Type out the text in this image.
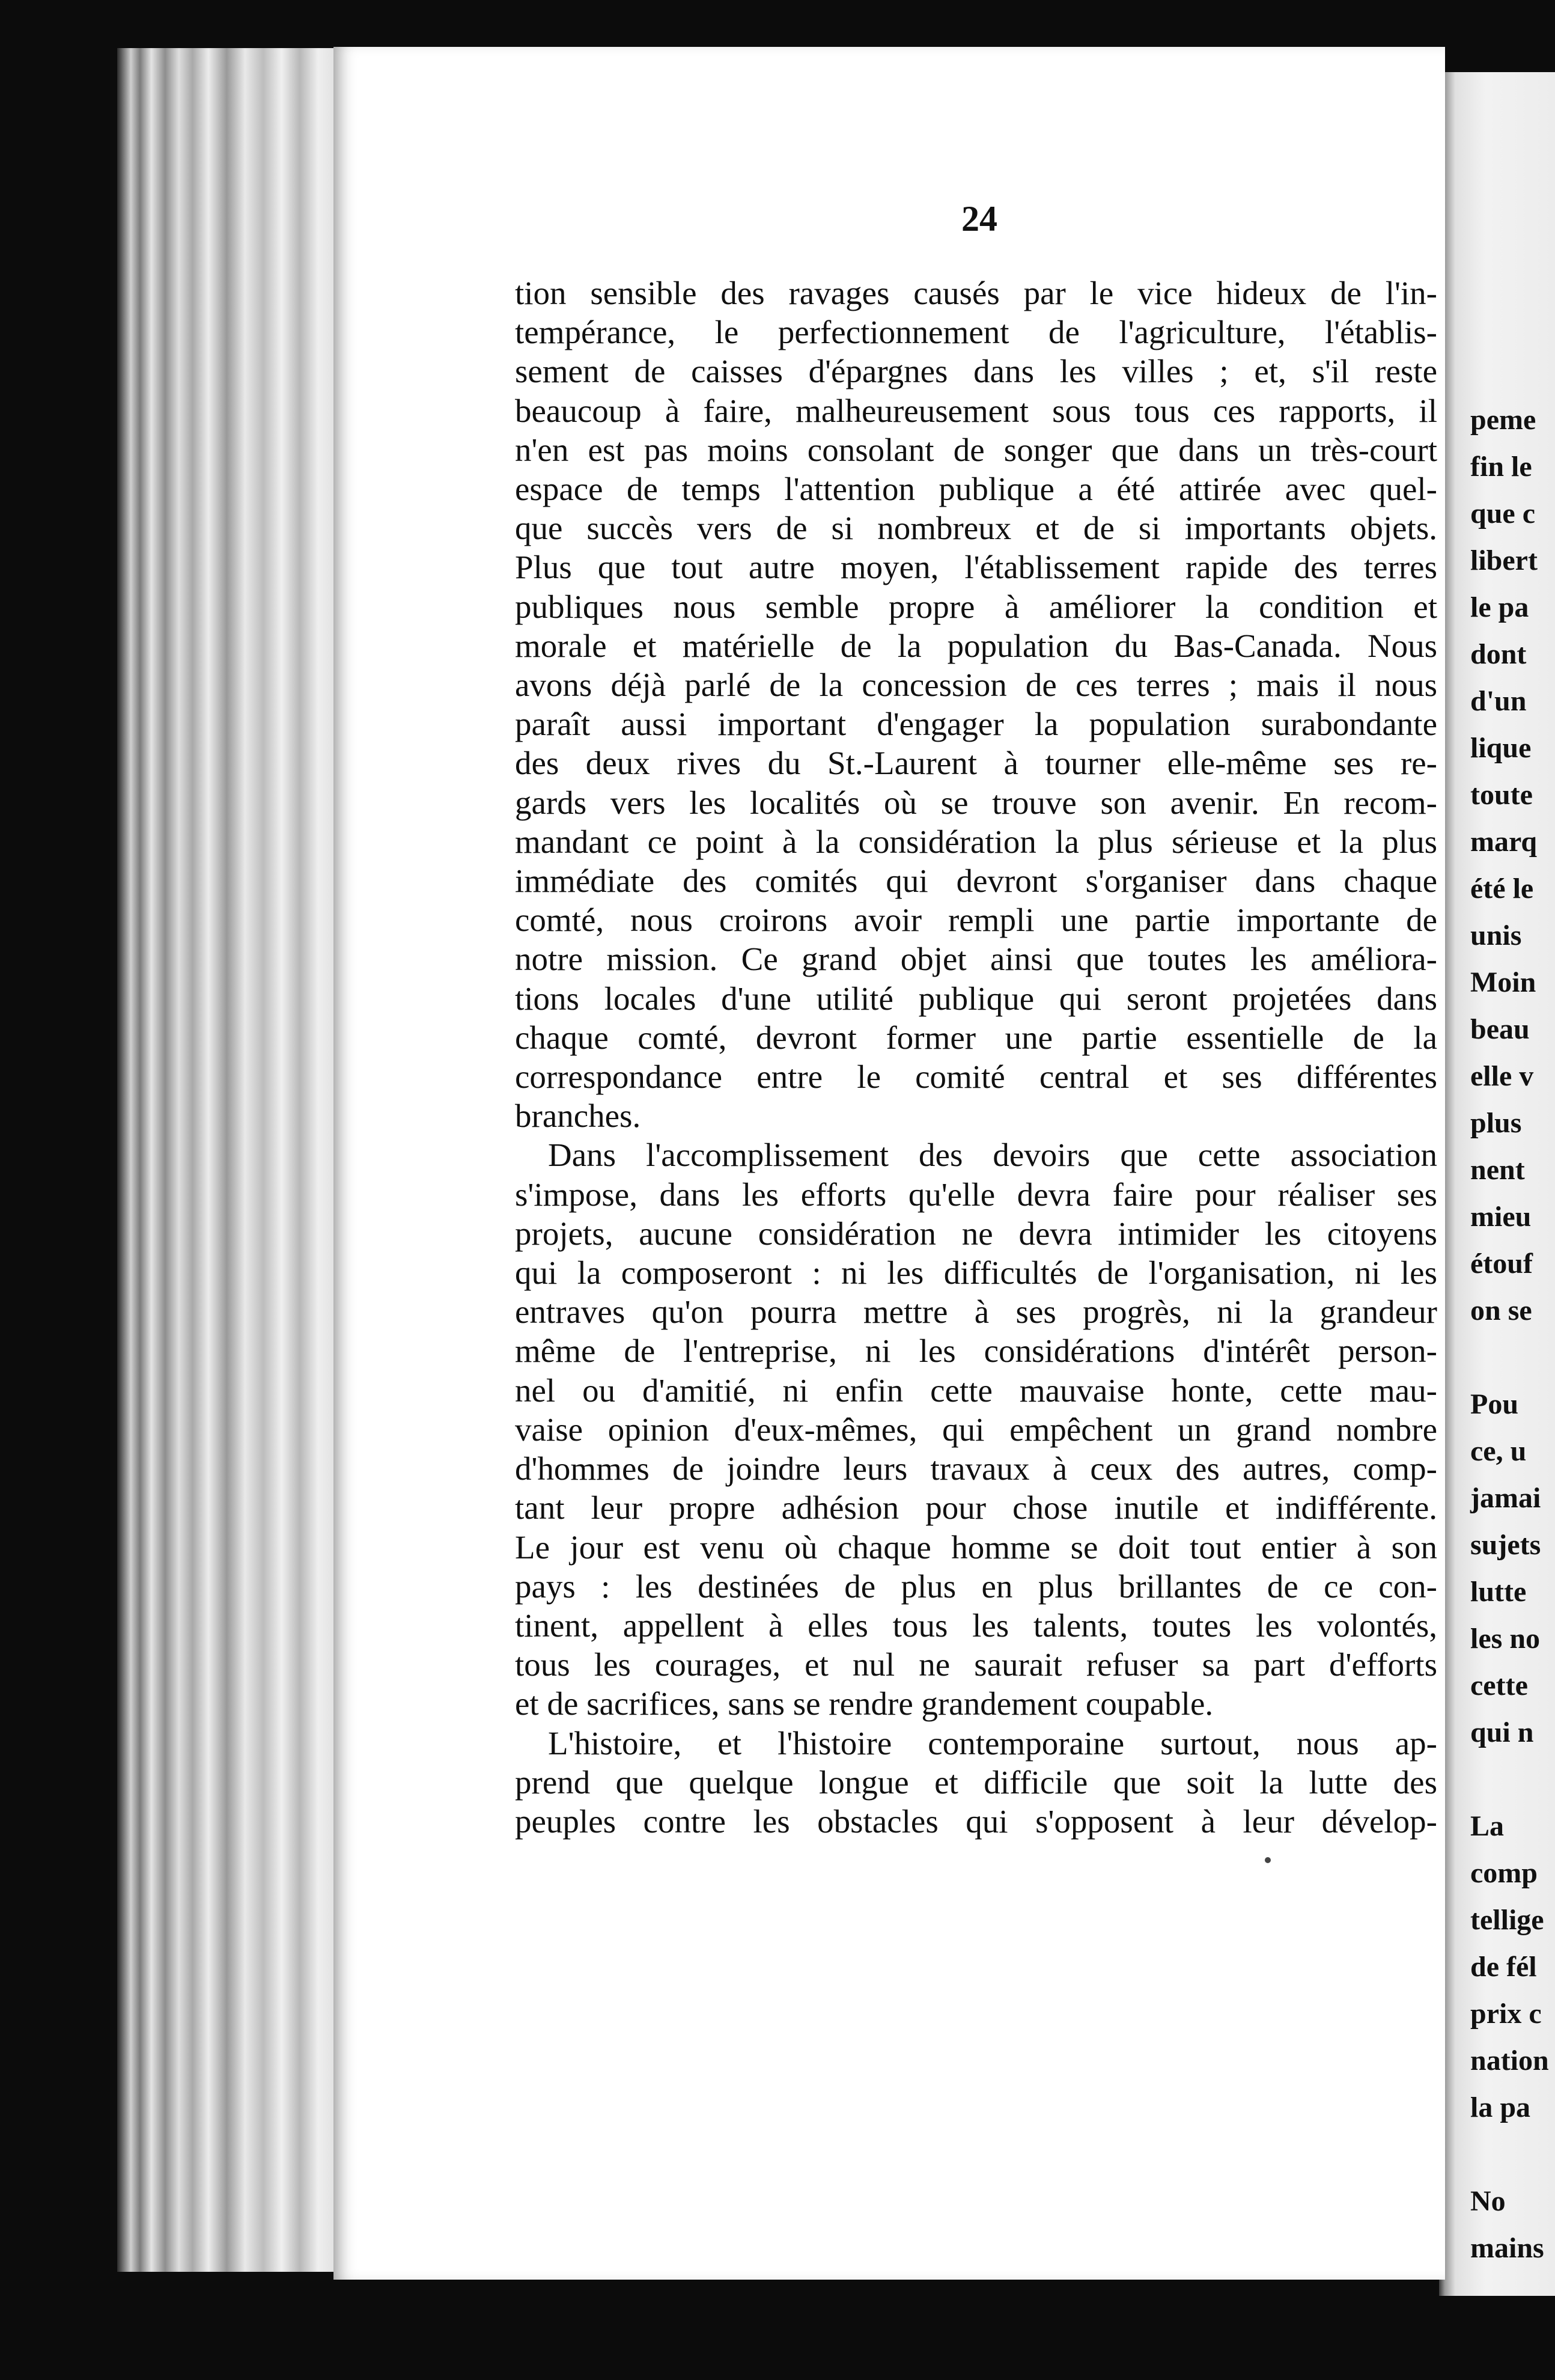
peme
fin le
que c
libert
le pa
dont
d'un
lique
toute
marq
été le
unis
Moin
beau
elle v
plus
nent
mieu
étouf
on se
Pou
ce, u
jamai
sujets
lutte
les no
cette
qui n
La
comp
tellige
de fél
prix c
nation
la pa
No
mains
24
tion sensible des ravages causés par le vice hideux de l'in-
tempérance, le perfectionnement de l'agriculture, l'établis-
sement de caisses d'épargnes dans les villes ; et, s'il reste
beaucoup à faire, malheureusement sous tous ces rapports, il
n'en est pas moins consolant de songer que dans un très-court
espace de temps l'attention publique a été attirée avec quel-
que succès vers de si nombreux et de si importants objets.
Plus que tout autre moyen, l'établissement rapide des terres
publiques nous semble propre à améliorer la condition et
morale et matérielle de la population du Bas-Canada. Nous
avons déjà parlé de la concession de ces terres ; mais il nous
paraît aussi important d'engager la population surabondante
des deux rives du St.-Laurent à tourner elle-même ses re-
gards vers les localités où se trouve son avenir. En recom-
mandant ce point à la considération la plus sérieuse et la plus
immédiate des comités qui devront s'organiser dans chaque
comté, nous croirons avoir rempli une partie importante de
notre mission. Ce grand objet ainsi que toutes les améliora-
tions locales d'une utilité publique qui seront projetées dans
chaque comté, devront former une partie essentielle de la
correspondance entre le comité central et ses différentes
branches.
Dans l'accomplissement des devoirs que cette association
s'impose, dans les efforts qu'elle devra faire pour réaliser ses
projets, aucune considération ne devra intimider les citoyens
qui la composeront : ni les difficultés de l'organisation, ni les
entraves qu'on pourra mettre à ses progrès, ni la grandeur
même de l'entreprise, ni les considérations d'intérêt person-
nel ou d'amitié, ni enfin cette mauvaise honte, cette mau-
vaise opinion d'eux-mêmes, qui empêchent un grand nombre
d'hommes de joindre leurs travaux à ceux des autres, comp-
tant leur propre adhésion pour chose inutile et indifférente.
Le jour est venu où chaque homme se doit tout entier à son
pays : les destinées de plus en plus brillantes de ce con-
tinent, appellent à elles tous les talents, toutes les volontés,
tous les courages, et nul ne saurait refuser sa part d'efforts
et de sacrifices, sans se rendre grandement coupable.
L'histoire, et l'histoire contemporaine surtout, nous ap-
prend que quelque longue et difficile que soit la lutte des
peuples contre les obstacles qui s'opposent à leur dévelop-
